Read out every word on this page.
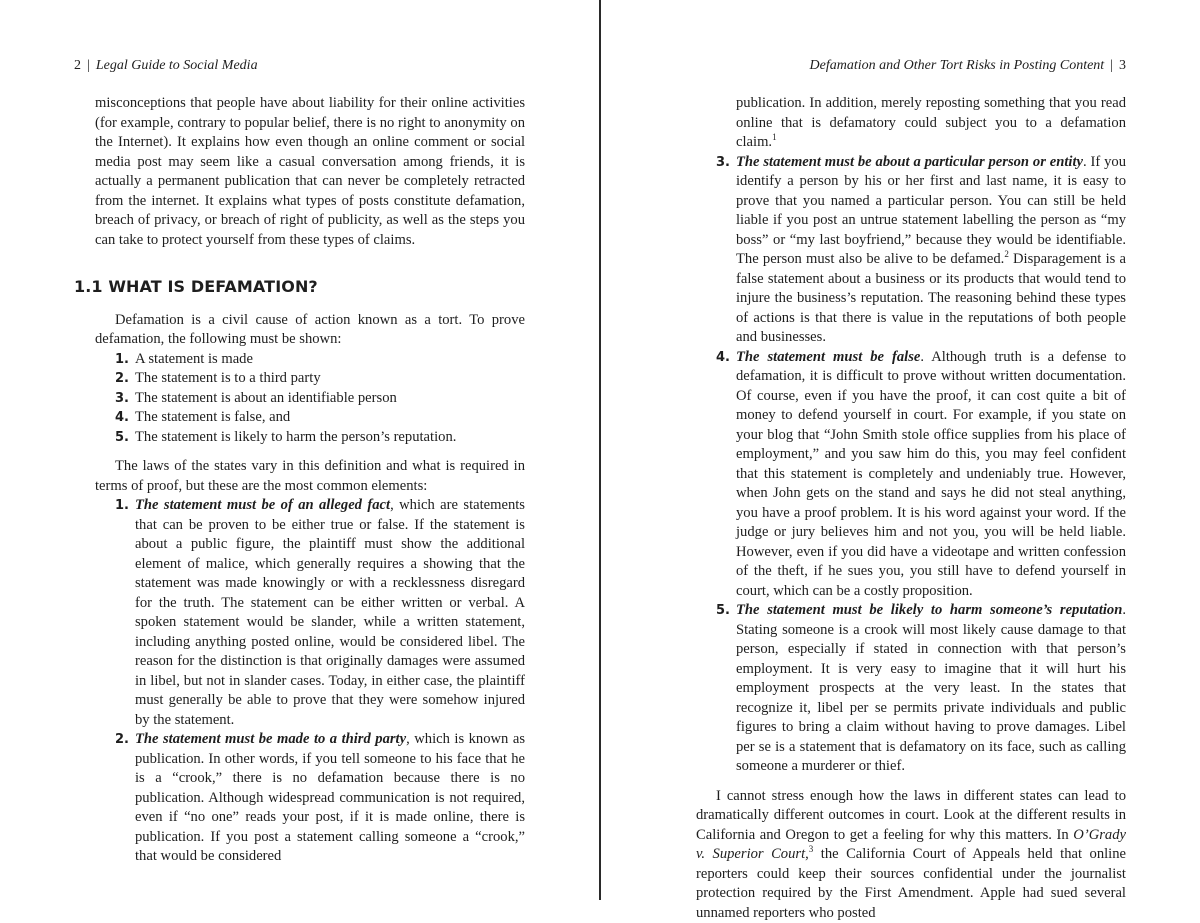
2 | Legal Guide to Social Media

misconceptions that people have about liability for their online activities (for example, contrary to popular belief, there is no right to anonymity on the Internet). It explains how even though an online comment or social media post may seem like a casual conversation among friends, it is actually a permanent publication that can never be completely retracted from the internet. It explains what types of posts constitute defamation, breach of privacy, or breach of right of publicity, as well as the steps you can take to protect yourself from these types of claims.

1.1 WHAT IS DEFAMATION?

Defamation is a civil cause of action known as a tort. To prove defamation, the following must be shown:

1. A statement is made
2. The statement is to a third party
3. The statement is about an identifiable person
4. The statement is false, and
5. The statement is likely to harm the person’s reputation.

The laws of the states vary in this definition and what is required in terms of proof, but these are the most common elements:

1. The statement must be of an alleged fact, which are statements that can be proven to be either true or false. If the statement is about a public figure, the plaintiff must show the additional element of malice, which generally requires a showing that the statement was made knowingly or with a recklessness disregard for the truth. The statement can be either written or verbal. A spoken statement would be slander, while a written statement, including anything posted online, would be considered libel. The reason for the distinction is that originally damages were assumed in libel, but not in slander cases. Today, in either case, the plaintiff must generally be able to prove that they were somehow injured by the statement.
2. The statement must be made to a third party, which is known as publication. In other words, if you tell someone to his face that he is a “crook,” there is no defamation because there is no publication. Although widespread communication is not required, even if “no one” reads your post, if it is made online, there is publication. If you post a statement calling someone a “crook,” that would be considered
Defamation and Other Tort Risks in Posting Content | 3
publication. In addition, merely reposting something that you read online that is defamatory could subject you to a defamation claim.$^1$
3. The statement must be about a particular person or entity. If you identify a person by his or her first and last name, it is easy to prove that you named a particular person. You can still be held liable if you post an untrue statement labelling the person as “my boss” or “my last boyfriend,” because they would be identifiable. The person must also be alive to be defamed.$^2$ Disparagement is a false statement about a business or its products that would tend to injure the business’s reputation. The reasoning behind these types of actions is that there is value in the reputations of both people and businesses.
4. The statement must be false. Although truth is a defense to defamation, it is difficult to prove without written documentation. Of course, even if you have the proof, it can cost quite a bit of money to defend yourself in court. For example, if you state on your blog that “John Smith stole office supplies from his place of employment,” and you saw him do this, you may feel confident that this statement is completely and undeniably true. However, when John gets on the stand and says he did not steal anything, you have a proof problem. It is his word against your word. If the judge or jury believes him and not you, you will be held liable. However, even if you did have a videotape and written confession of the theft, if he sues you, you still have to defend yourself in court, which can be a costly proposition.
5. The statement must be likely to harm someone’s reputation. Stating someone is a crook will most likely cause damage to that person, especially if stated in connection with that person’s employment. It is very easy to imagine that it will hurt his employment prospects at the very least. In the states that recognize it, libel per se permits private individuals and public figures to bring a claim without having to prove damages. Libel per se is a statement that is defamatory on its face, such as calling someone a murderer or thief.

I cannot stress enough how the laws in different states can lead to dramatically different outcomes in court. Look at the different results in California and Oregon to get a feeling for why this matters. In O’Grady v. Superior Court,$^3$ the California Court of Appeals held that online reporters could keep their sources confidential under the journalist protection required by the First Amendment. Apple had sued several unnamed reporters who posted
